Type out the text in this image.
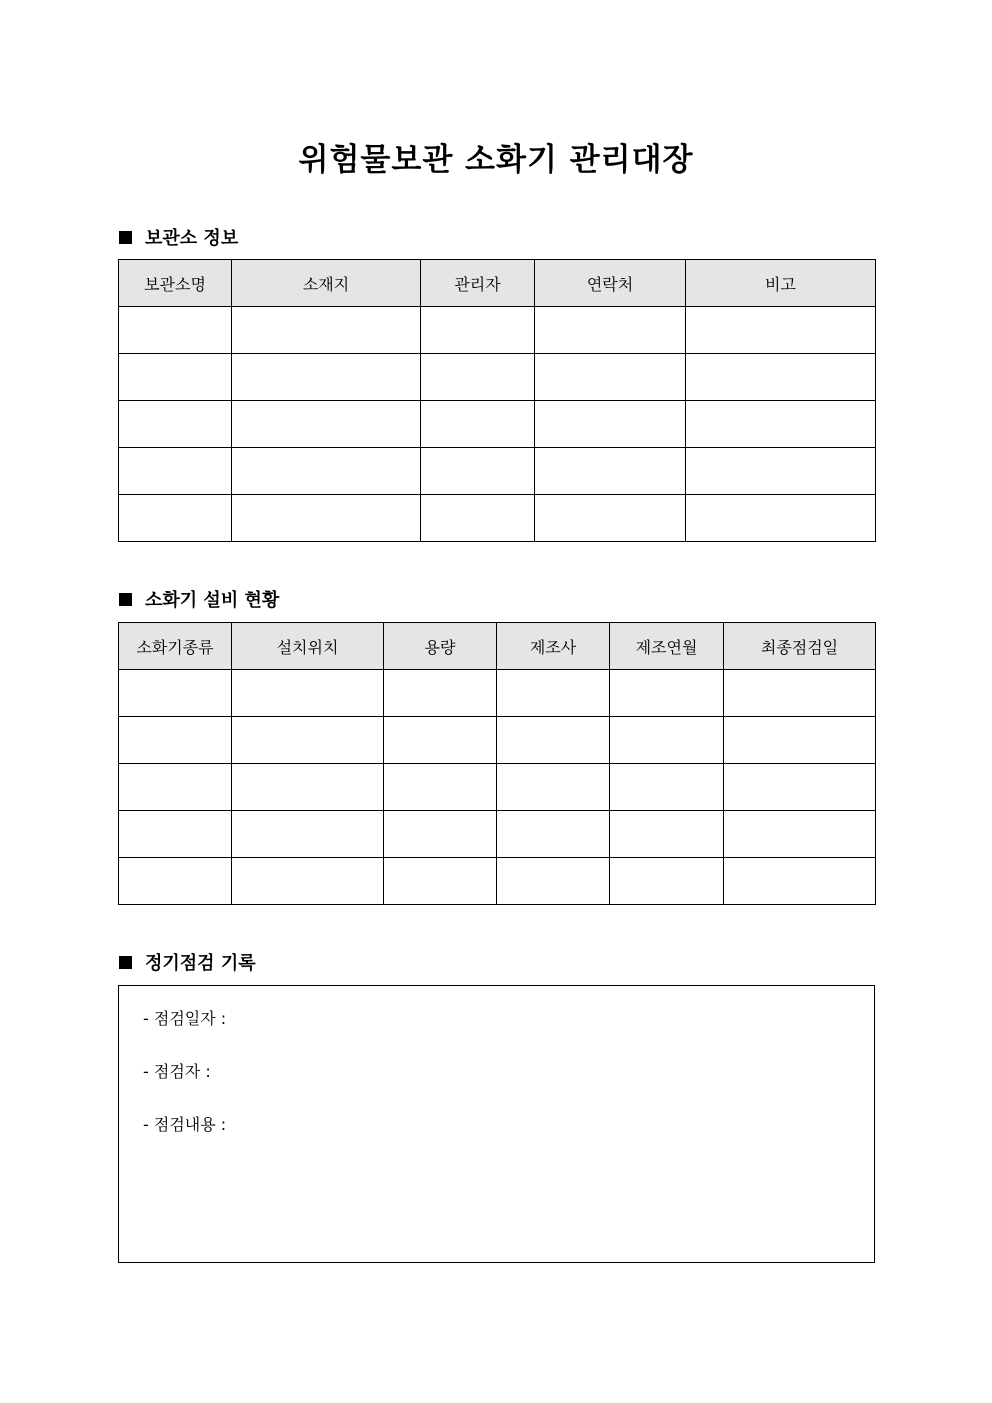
위험물보관 소화기 관리대장
보관소 정보
보관소명	소재지	관리자	연락처	비고

소화기 설비 현황
소화기종류	설치위치	용량	제조사	제조연월	최종점검일

정기점검 기록
- 점검일자 :
- 점검자 :
- 점검내용 :
